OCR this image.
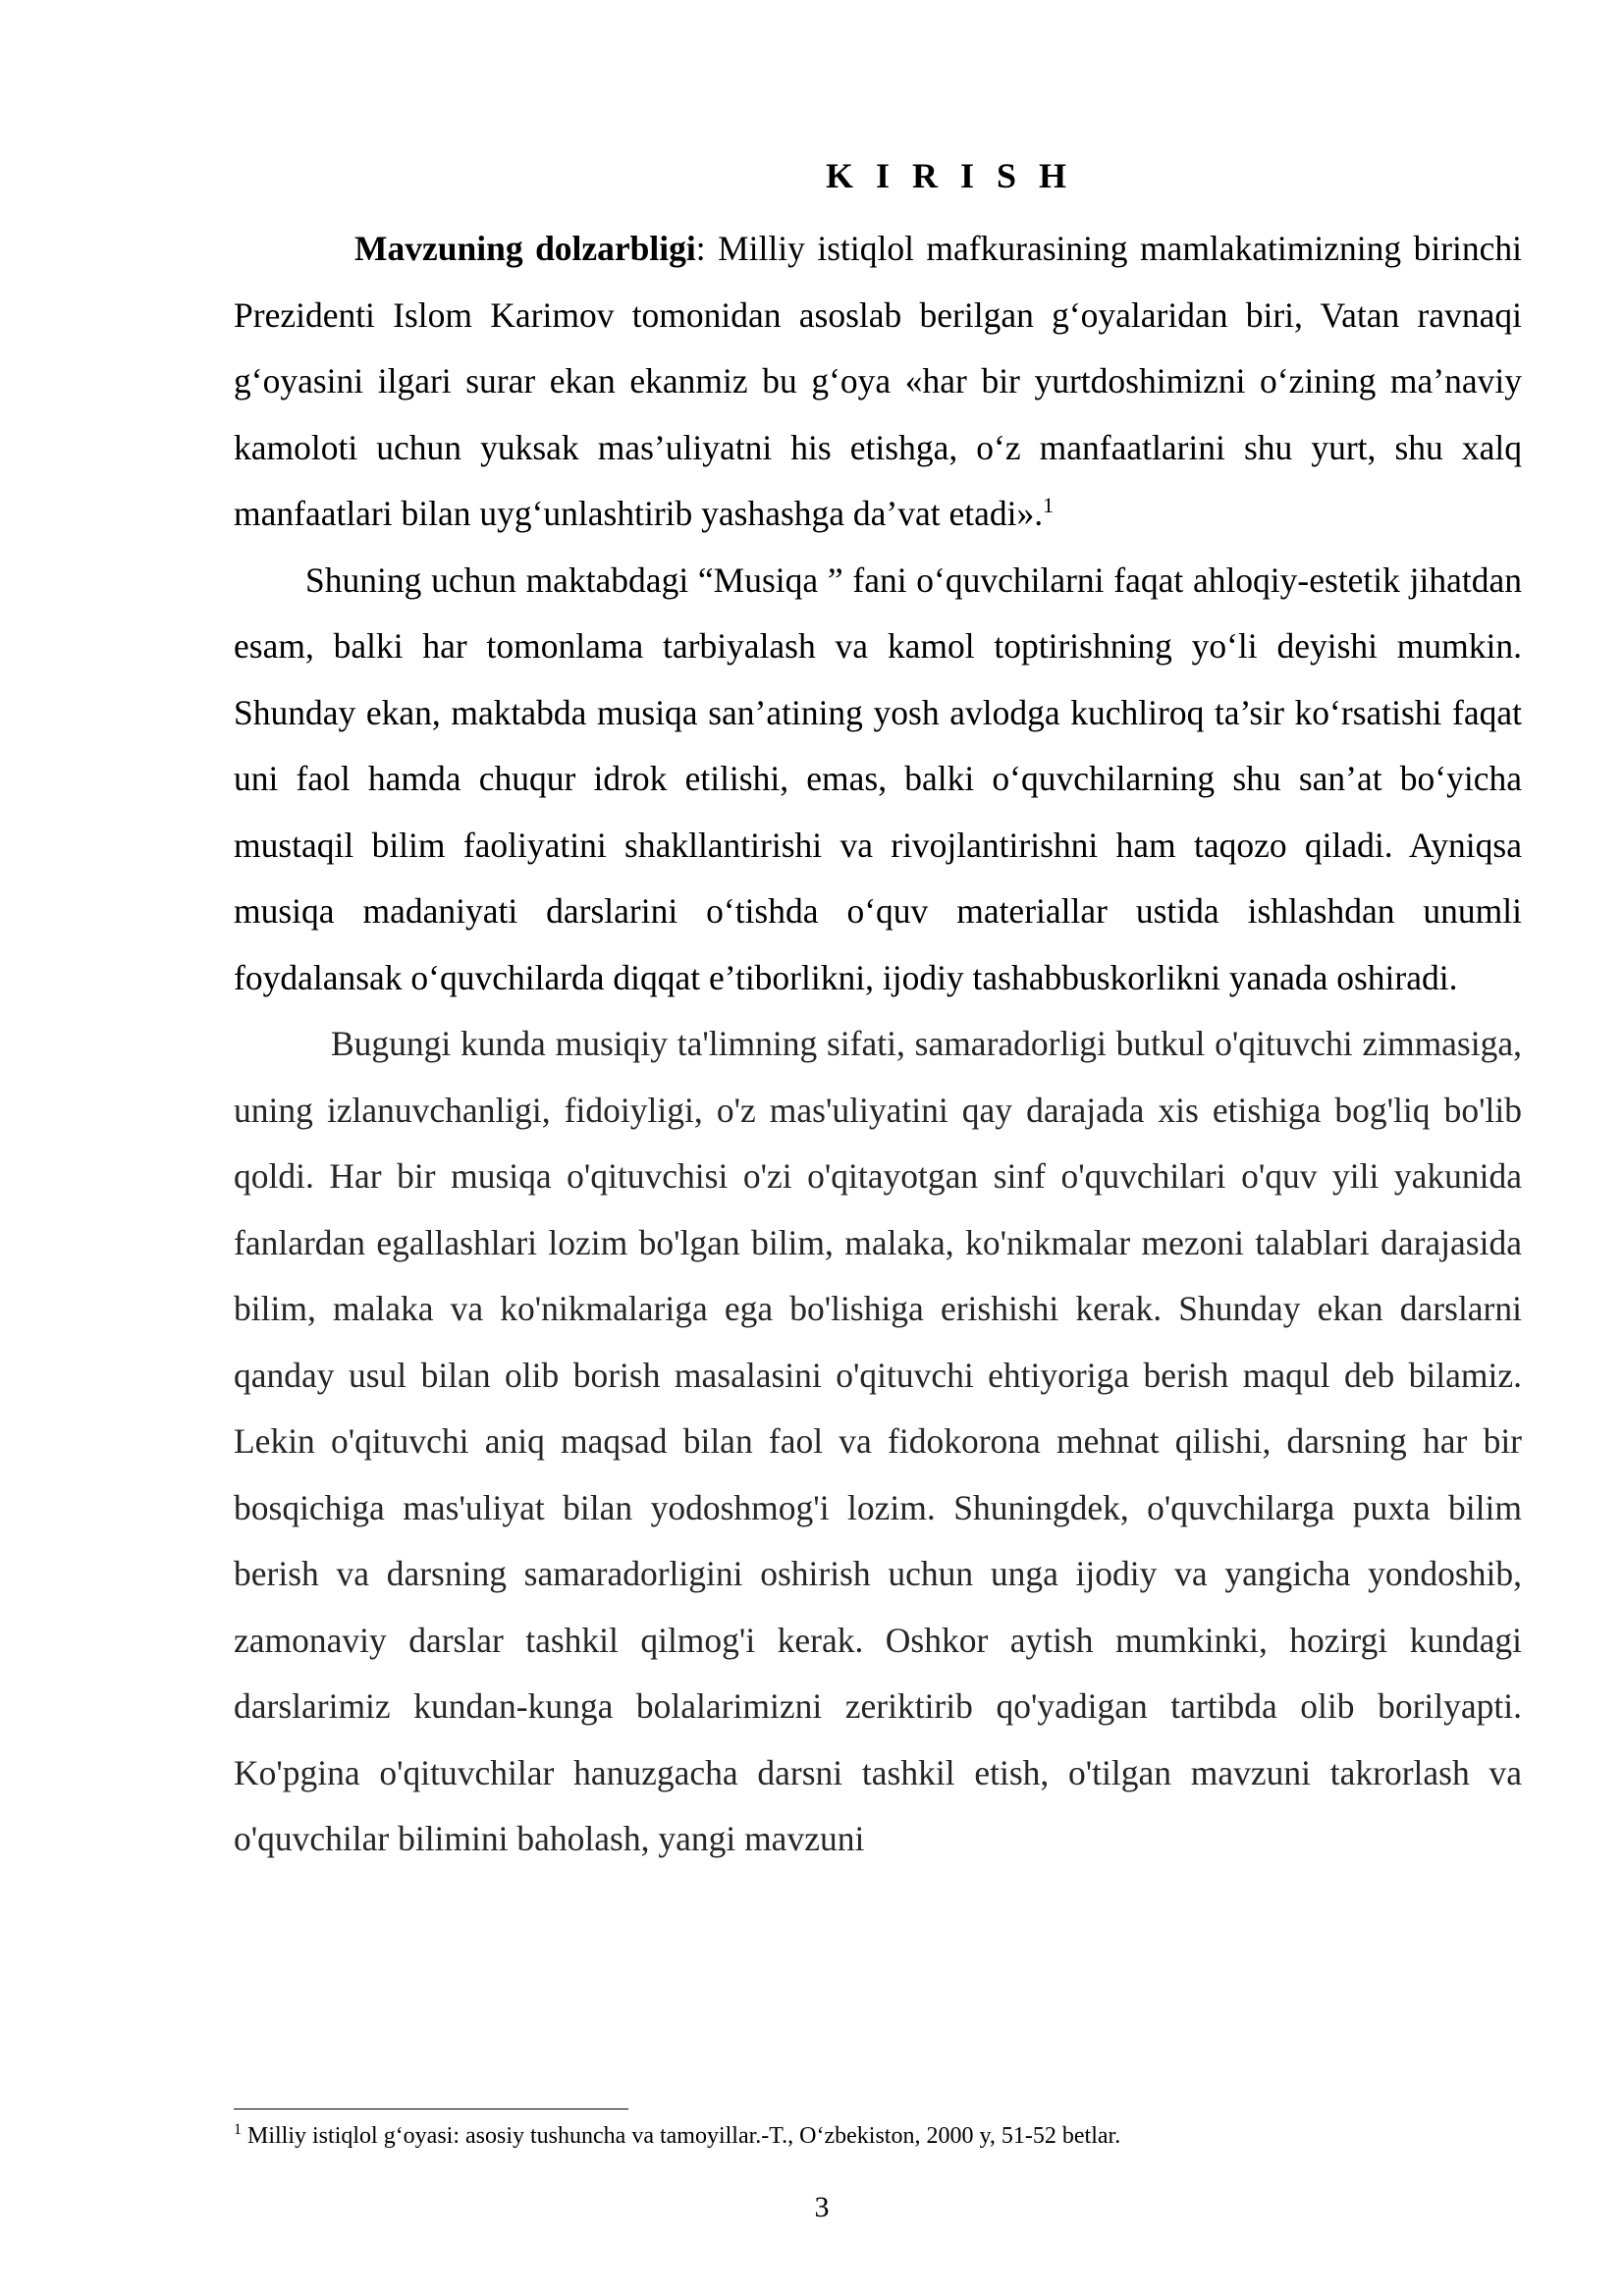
K I R I S H

Mavzuning dolzarbligi: Milliy istiqlol mafkurasining mamlakatimizning birinchi Prezidenti Islom Karimov tomonidan asoslab berilgan g‘oyalaridan biri, Vatan ravnaqi g‘oyasini ilgari surar ekan ekanmiz bu g‘oya «har bir yurtdoshimizni o‘zining ma’naviy kamoloti uchun yuksak mas’uliyatni his etishga, o‘z manfaatlarini shu yurt, shu xalq manfaatlari bilan uyg‘unlashtirib yashashga da’vat etadi».$^1$

Shuning uchun maktabdagi “Musiqa ” fani o‘quvchilarni faqat ahloqiy-estetik jihatdan esam, balki har tomonlama tarbiyalash va kamol toptirishning yo‘li deyishi mumkin. Shunday ekan, maktabda musiqa san’atining yosh avlodga kuchliroq ta’sir ko‘rsatishi faqat uni faol hamda chuqur idrok etilishi, emas, balki o‘quvchilarning shu san’at bo‘yicha mustaqil bilim faoliyatini shakllantirishi va rivojlantirishni ham taqozo qiladi. Ayniqsa musiqa madaniyati darslarini o‘tishda o‘quv materiallar ustida ishlashdan unumli foydalansak o‘quvchilarda diqqat e’tiborlikni, ijodiy tashabbuskorlikni yanada oshiradi.

Bugungi kunda musiqiy ta'limning sifati, samaradorligi butkul o'qituvchi zimmasiga, uning izlanuvchanligi, fidoiyligi, o'z mas'uliyatini qay darajada xis etishiga bog'liq bo'lib qoldi. Har bir musiqa o'qituvchisi o'zi o'qitayotgan sinf o'quvchilari o'quv yili yakunida fanlardan egallashlari lozim bo'lgan bilim, malaka, ko'nikmalar mezoni talablari darajasida bilim, malaka va ko'nikmalariga ega bo'lishiga erishishi kerak. Shunday ekan darslarni qanday usul bilan olib borish masalasini o'qituvchi ehtiyoriga berish maqul deb bilamiz. Lekin o'qituvchi aniq maqsad bilan faol va fidokorona mehnat qilishi, darsning har bir bosqichiga mas'uliyat bilan yodoshmog'i lozim. Shuningdek, o'quvchilarga puxta bilim berish va darsning samaradorligini oshirish uchun unga ijodiy va yangicha yondoshib, zamonaviy darslar tashkil qilmog'i kerak. Oshkor aytish mumkinki, hozirgi kundagi darslarimiz kundan-kunga bolalarimizni zeriktirib qo'yadigan tartibda olib borilyapti. Ko'pgina o'qituvchilar hanuzgacha darsni tashkil etish, o'tilgan mavzuni takrorlash va o'quvchilar bilimini baholash, yangi mavzuni

$^1$ Milliy istiqlol g‘oyasi: asosiy tushuncha va tamoyillar.-T., O‘zbekiston, 2000 y, 51-52 betlar.
3
